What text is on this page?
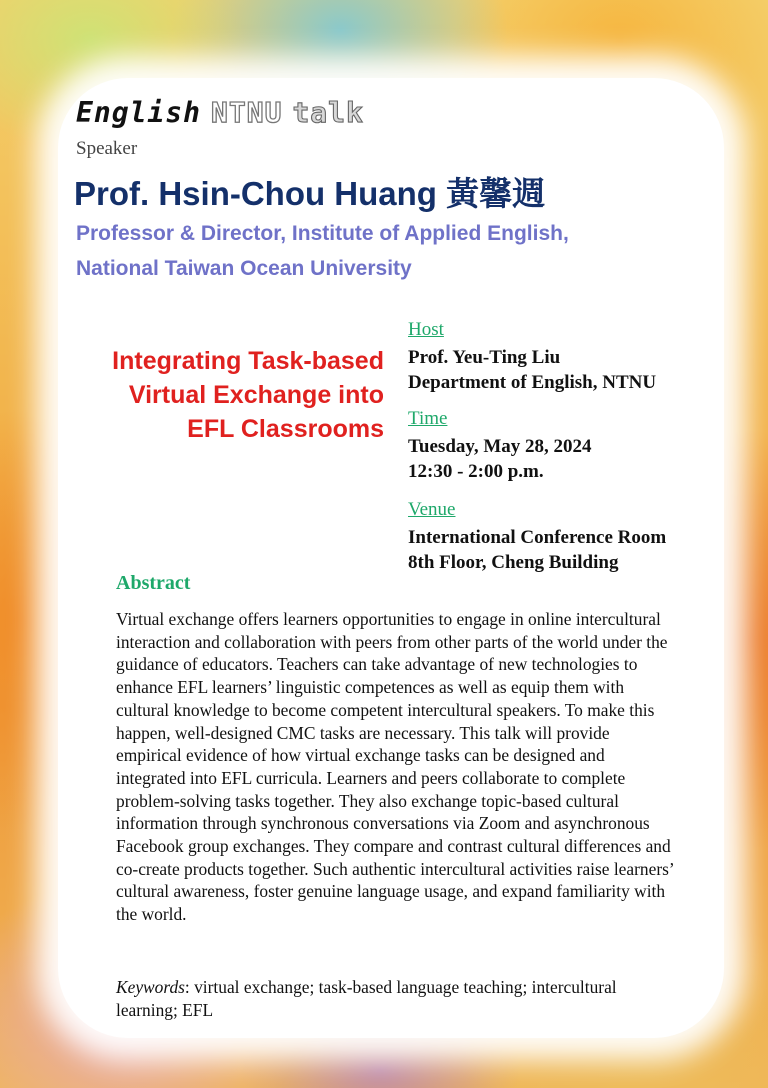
English NTNU talk
Speaker
Prof. Hsin-Chou Huang 黃馨週
Professor & Director, Institute of Applied English,
National Taiwan Ocean University
Integrating Task-based
Virtual Exchange into
EFL Classrooms
Host
Prof. Yeu-Ting Liu
Department of English, NTNU
Time
Tuesday, May 28, 2024
12:30 - 2:00 p.m.
Venue
International Conference Room
8th Floor, Cheng Building
Abstract
Virtual exchange offers learners opportunities to engage in online intercultural interaction and collaboration with peers from other parts of the world under the guidance of educators. Teachers can take advantage of new technologies to enhance EFL learners’ linguistic competences as well as equip them with cultural knowledge to become competent intercultural speakers. To make this happen, well-designed CMC tasks are necessary. This talk will provide empirical evidence of how virtual exchange tasks can be designed and integrated into EFL curricula. Learners and peers collaborate to complete problem-solving tasks together. They also exchange topic-based cultural information through synchronous conversations via Zoom and asynchronous Facebook group exchanges. They compare and contrast cultural differences and co-create products together. Such authentic intercultural activities raise learners’ cultural awareness, foster genuine language usage, and expand familiarity with the world.
Keywords: virtual exchange; task-based language teaching; intercultural learning; EFL
